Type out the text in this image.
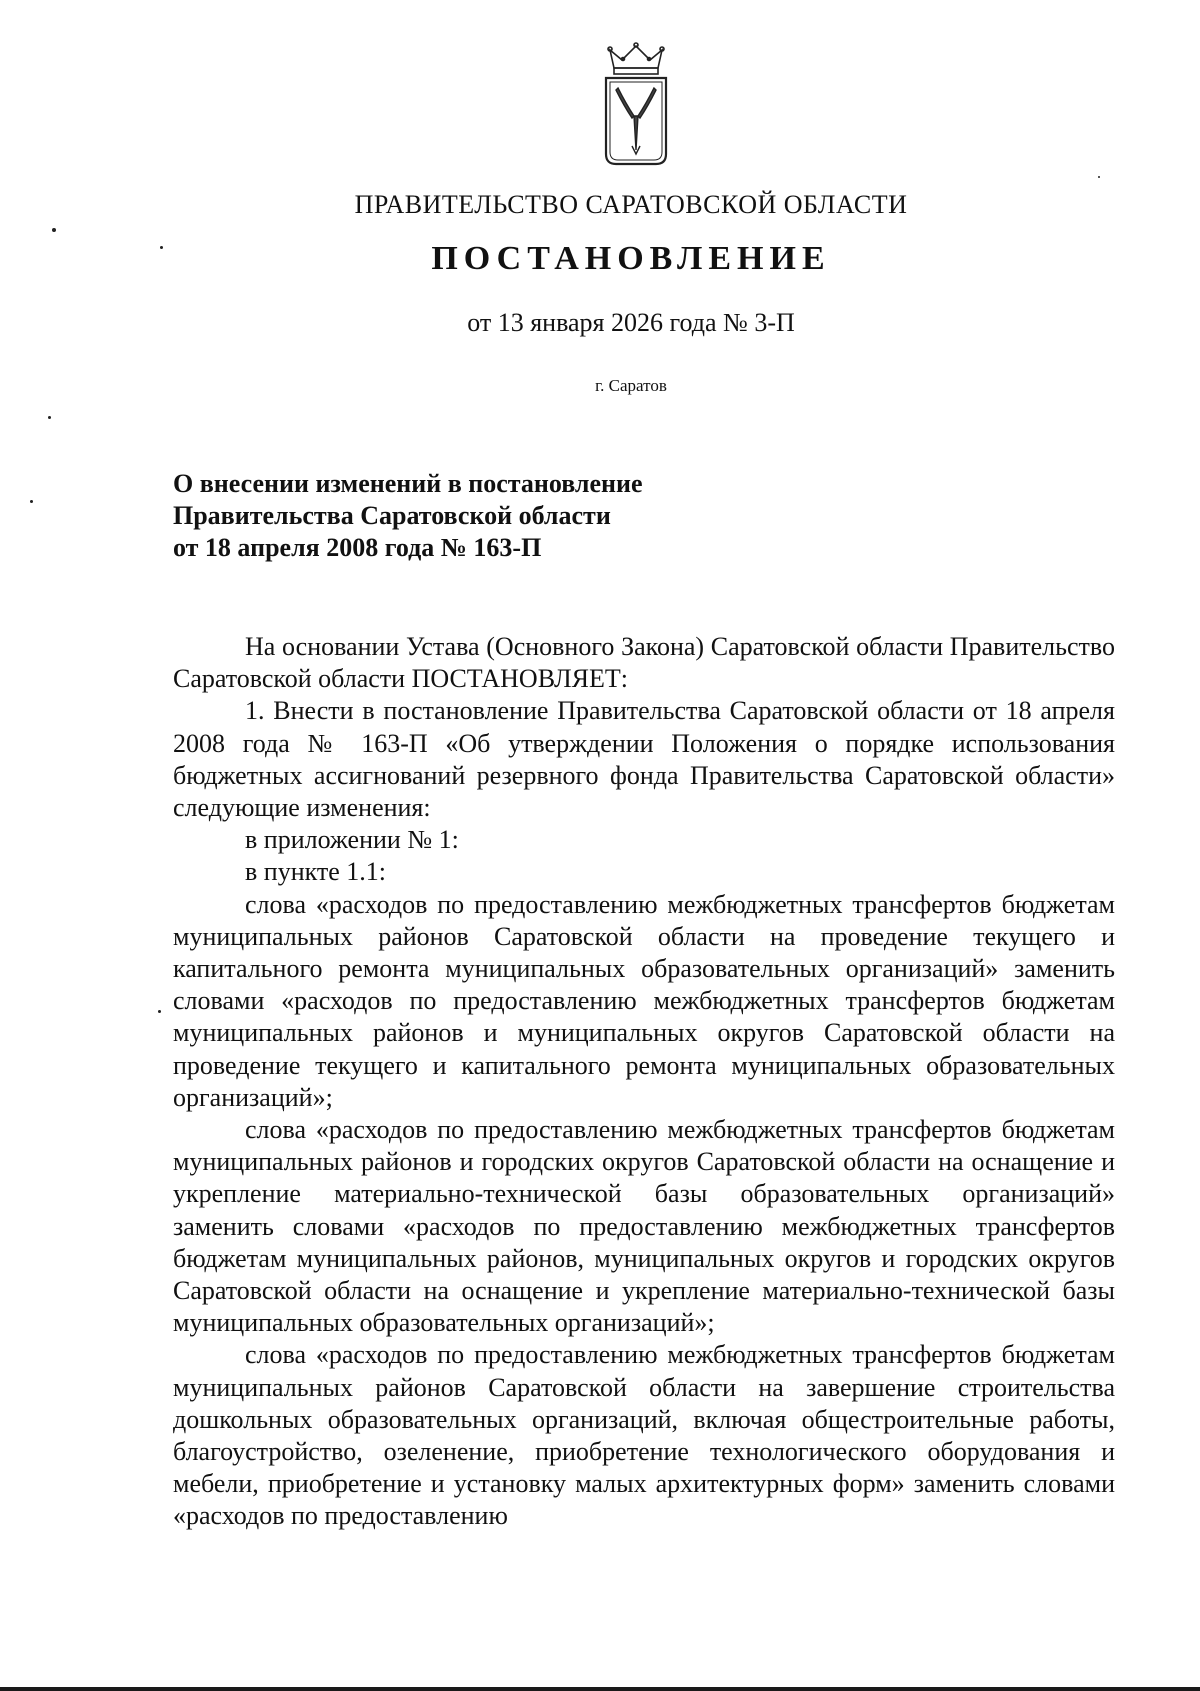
ПРАВИТЕЛЬСТВО САРАТОВСКОЙ ОБЛАСТИ
ПОСТАНОВЛЕНИЕ
от 13 января 2026 года № 3-П
г. Саратов
О внесении изменений в постановление
Правительства Саратовской области
от 18 апреля 2008 года № 163-П

На основании Устава (Основного Закона) Саратовской области Правительство Саратовской области ПОСТАНОВЛЯЕТ:

1. Внести в постановление Правительства Саратовской области от 18 апреля 2008 года № 163-П «Об утверждении Положения о порядке использования бюджетных ассигнований резервного фонда Правительства Саратовской области» следующие изменения:

в приложении № 1:

в пункте 1.1:

слова «расходов по предоставлению межбюджетных трансфертов бюджетам муниципальных районов Саратовской области на проведение текущего и капитального ремонта муниципальных образовательных организаций» заменить словами «расходов по предоставлению межбюджетных трансфертов бюджетам муниципальных районов и муниципальных округов Саратовской области на проведение текущего и капитального ремонта муниципальных образовательных организаций»;

слова «расходов по предоставлению межбюджетных трансфертов бюджетам муниципальных районов и городских округов Саратовской области на оснащение и укрепление материально-технической базы образовательных организаций» заменить словами «расходов по предоставлению межбюджетных трансфертов бюджетам муниципальных районов, муниципальных округов и городских округов Саратовской области на оснащение и укрепление материально-технической базы муниципальных образовательных организаций»;

слова «расходов по предоставлению межбюджетных трансфертов бюджетам муниципальных районов Саратовской области на завершение строительства дошкольных образовательных организаций, включая общестроительные работы, благоустройство, озеленение, приобретение технологического оборудования и мебели, приобретение и установку малых архитектурных форм» заменить словами «расходов по предоставлению
